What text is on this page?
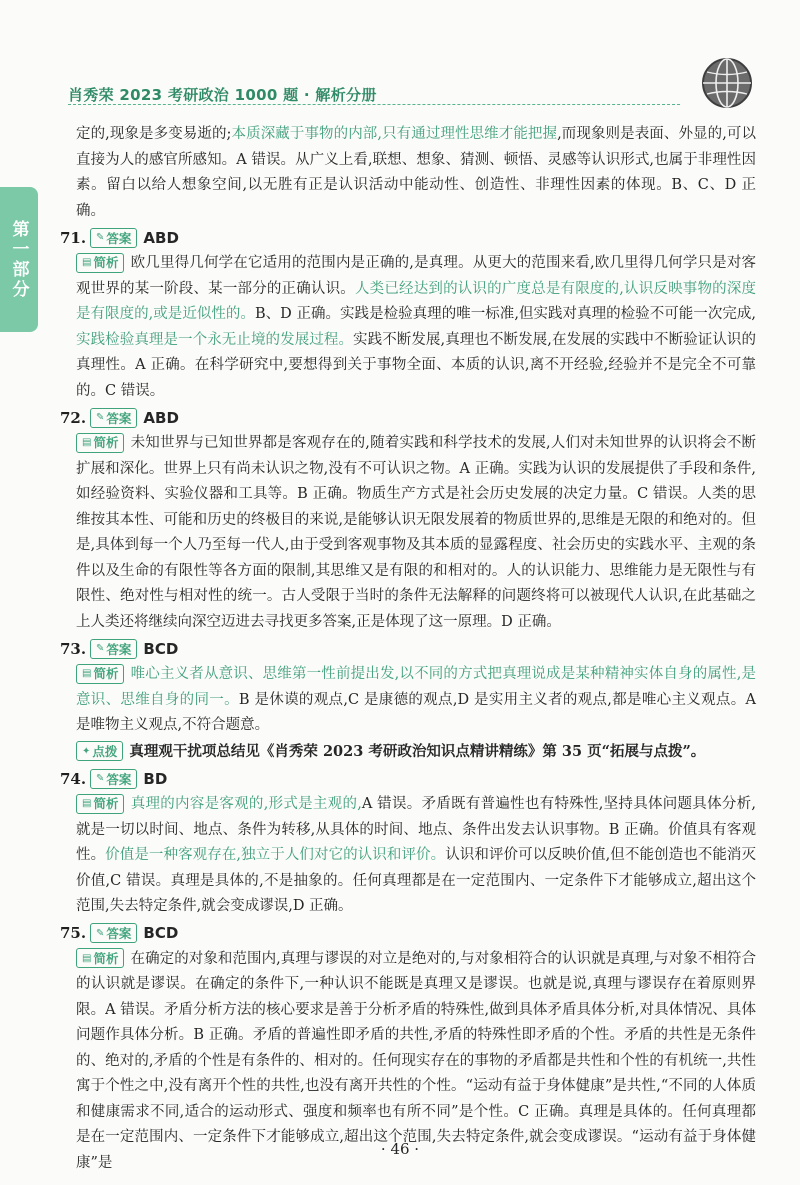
肖秀荣 2023 考研政治 1000 题 · 解析分册
第一部分

定的,现象是多变易逝的;本质深藏于事物的内部,只有通过理性思维才能把握,而现象则是表面、外显的,可以直接为人的感官所感知。A 错误。从广义上看,联想、想象、猜测、顿悟、灵感等认识形式,也属于非理性因素。留白以给人想象空间,以无胜有正是认识活动中能动性、创造性、非理性因素的体现。B、C、D 正确。

71. ✎ 答案 ABD

▤ 简析 欧几里得几何学在它适用的范围内是正确的,是真理。从更大的范围来看,欧几里得几何学只是对客观世界的某一阶段、某一部分的正确认识。人类已经达到的认识的广度总是有限度的,认识反映事物的深度是有限度的,或是近似性的。B、D 正确。实践是检验真理的唯一标准,但实践对真理的检验不可能一次完成,实践检验真理是一个永无止境的发展过程。实践不断发展,真理也不断发展,在发展的实践中不断验证认识的真理性。A 正确。在科学研究中,要想得到关于事物全面、本质的认识,离不开经验,经验并不是完全不可靠的。C 错误。

72. ✎ 答案 ABD

▤ 简析 未知世界与已知世界都是客观存在的,随着实践和科学技术的发展,人们对未知世界的认识将会不断扩展和深化。世界上只有尚未认识之物,没有不可认识之物。A 正确。实践为认识的发展提供了手段和条件,如经验资料、实验仪器和工具等。B 正确。物质生产方式是社会历史发展的决定力量。C 错误。人类的思维按其本性、可能和历史的终极目的来说,是能够认识无限发展着的物质世界的,思维是无限的和绝对的。但是,具体到每一个人乃至每一代人,由于受到客观事物及其本质的显露程度、社会历史的实践水平、主观的条件以及生命的有限性等各方面的限制,其思维又是有限的和相对的。人的认识能力、思维能力是无限性与有限性、绝对性与相对性的统一。古人受限于当时的条件无法解释的问题终将可以被现代人认识,在此基础之上人类还将继续向深空迈进去寻找更多答案,正是体现了这一原理。D 正确。

73. ✎ 答案 BCD

▤ 简析 唯心主义者从意识、思维第一性前提出发,以不同的方式把真理说成是某种精神实体自身的属性,是意识、思维自身的同一。B 是休谟的观点,C 是康德的观点,D 是实用主义者的观点,都是唯心主义观点。A 是唯物主义观点,不符合题意。

✦ 点拨 真理观干扰项总结见《肖秀荣 2023 考研政治知识点精讲精练》第 35 页“拓展与点拨”。

74. ✎ 答案 BD

▤ 简析 真理的内容是客观的,形式是主观的,A 错误。矛盾既有普遍性也有特殊性,坚持具体问题具体分析,就是一切以时间、地点、条件为转移,从具体的时间、地点、条件出发去认识事物。B 正确。价值具有客观性。价值是一种客观存在,独立于人们对它的认识和评价。认识和评价可以反映价值,但不能创造也不能消灭价值,C 错误。真理是具体的,不是抽象的。任何真理都是在一定范围内、一定条件下才能够成立,超出这个范围,失去特定条件,就会变成谬误,D 正确。

75. ✎ 答案 BCD

▤ 简析 在确定的对象和范围内,真理与谬误的对立是绝对的,与对象相符合的认识就是真理,与对象不相符合的认识就是谬误。在确定的条件下,一种认识不能既是真理又是谬误。也就是说,真理与谬误存在着原则界限。A 错误。矛盾分析方法的核心要求是善于分析矛盾的特殊性,做到具体矛盾具体分析,对具体情况、具体问题作具体分析。B 正确。矛盾的普遍性即矛盾的共性,矛盾的特殊性即矛盾的个性。矛盾的共性是无条件的、绝对的,矛盾的个性是有条件的、相对的。任何现实存在的事物的矛盾都是共性和个性的有机统一,共性寓于个性之中,没有离开个性的共性,也没有离开共性的个性。“运动有益于身体健康”是共性,“不同的人体质和健康需求不同,适合的运动形式、强度和频率也有所不同”是个性。C 正确。真理是具体的。任何真理都是在一定范围内、一定条件下才能够成立,超出这个范围,失去特定条件,就会变成谬误。“运动有益于身体健康”是

· 46 ·
